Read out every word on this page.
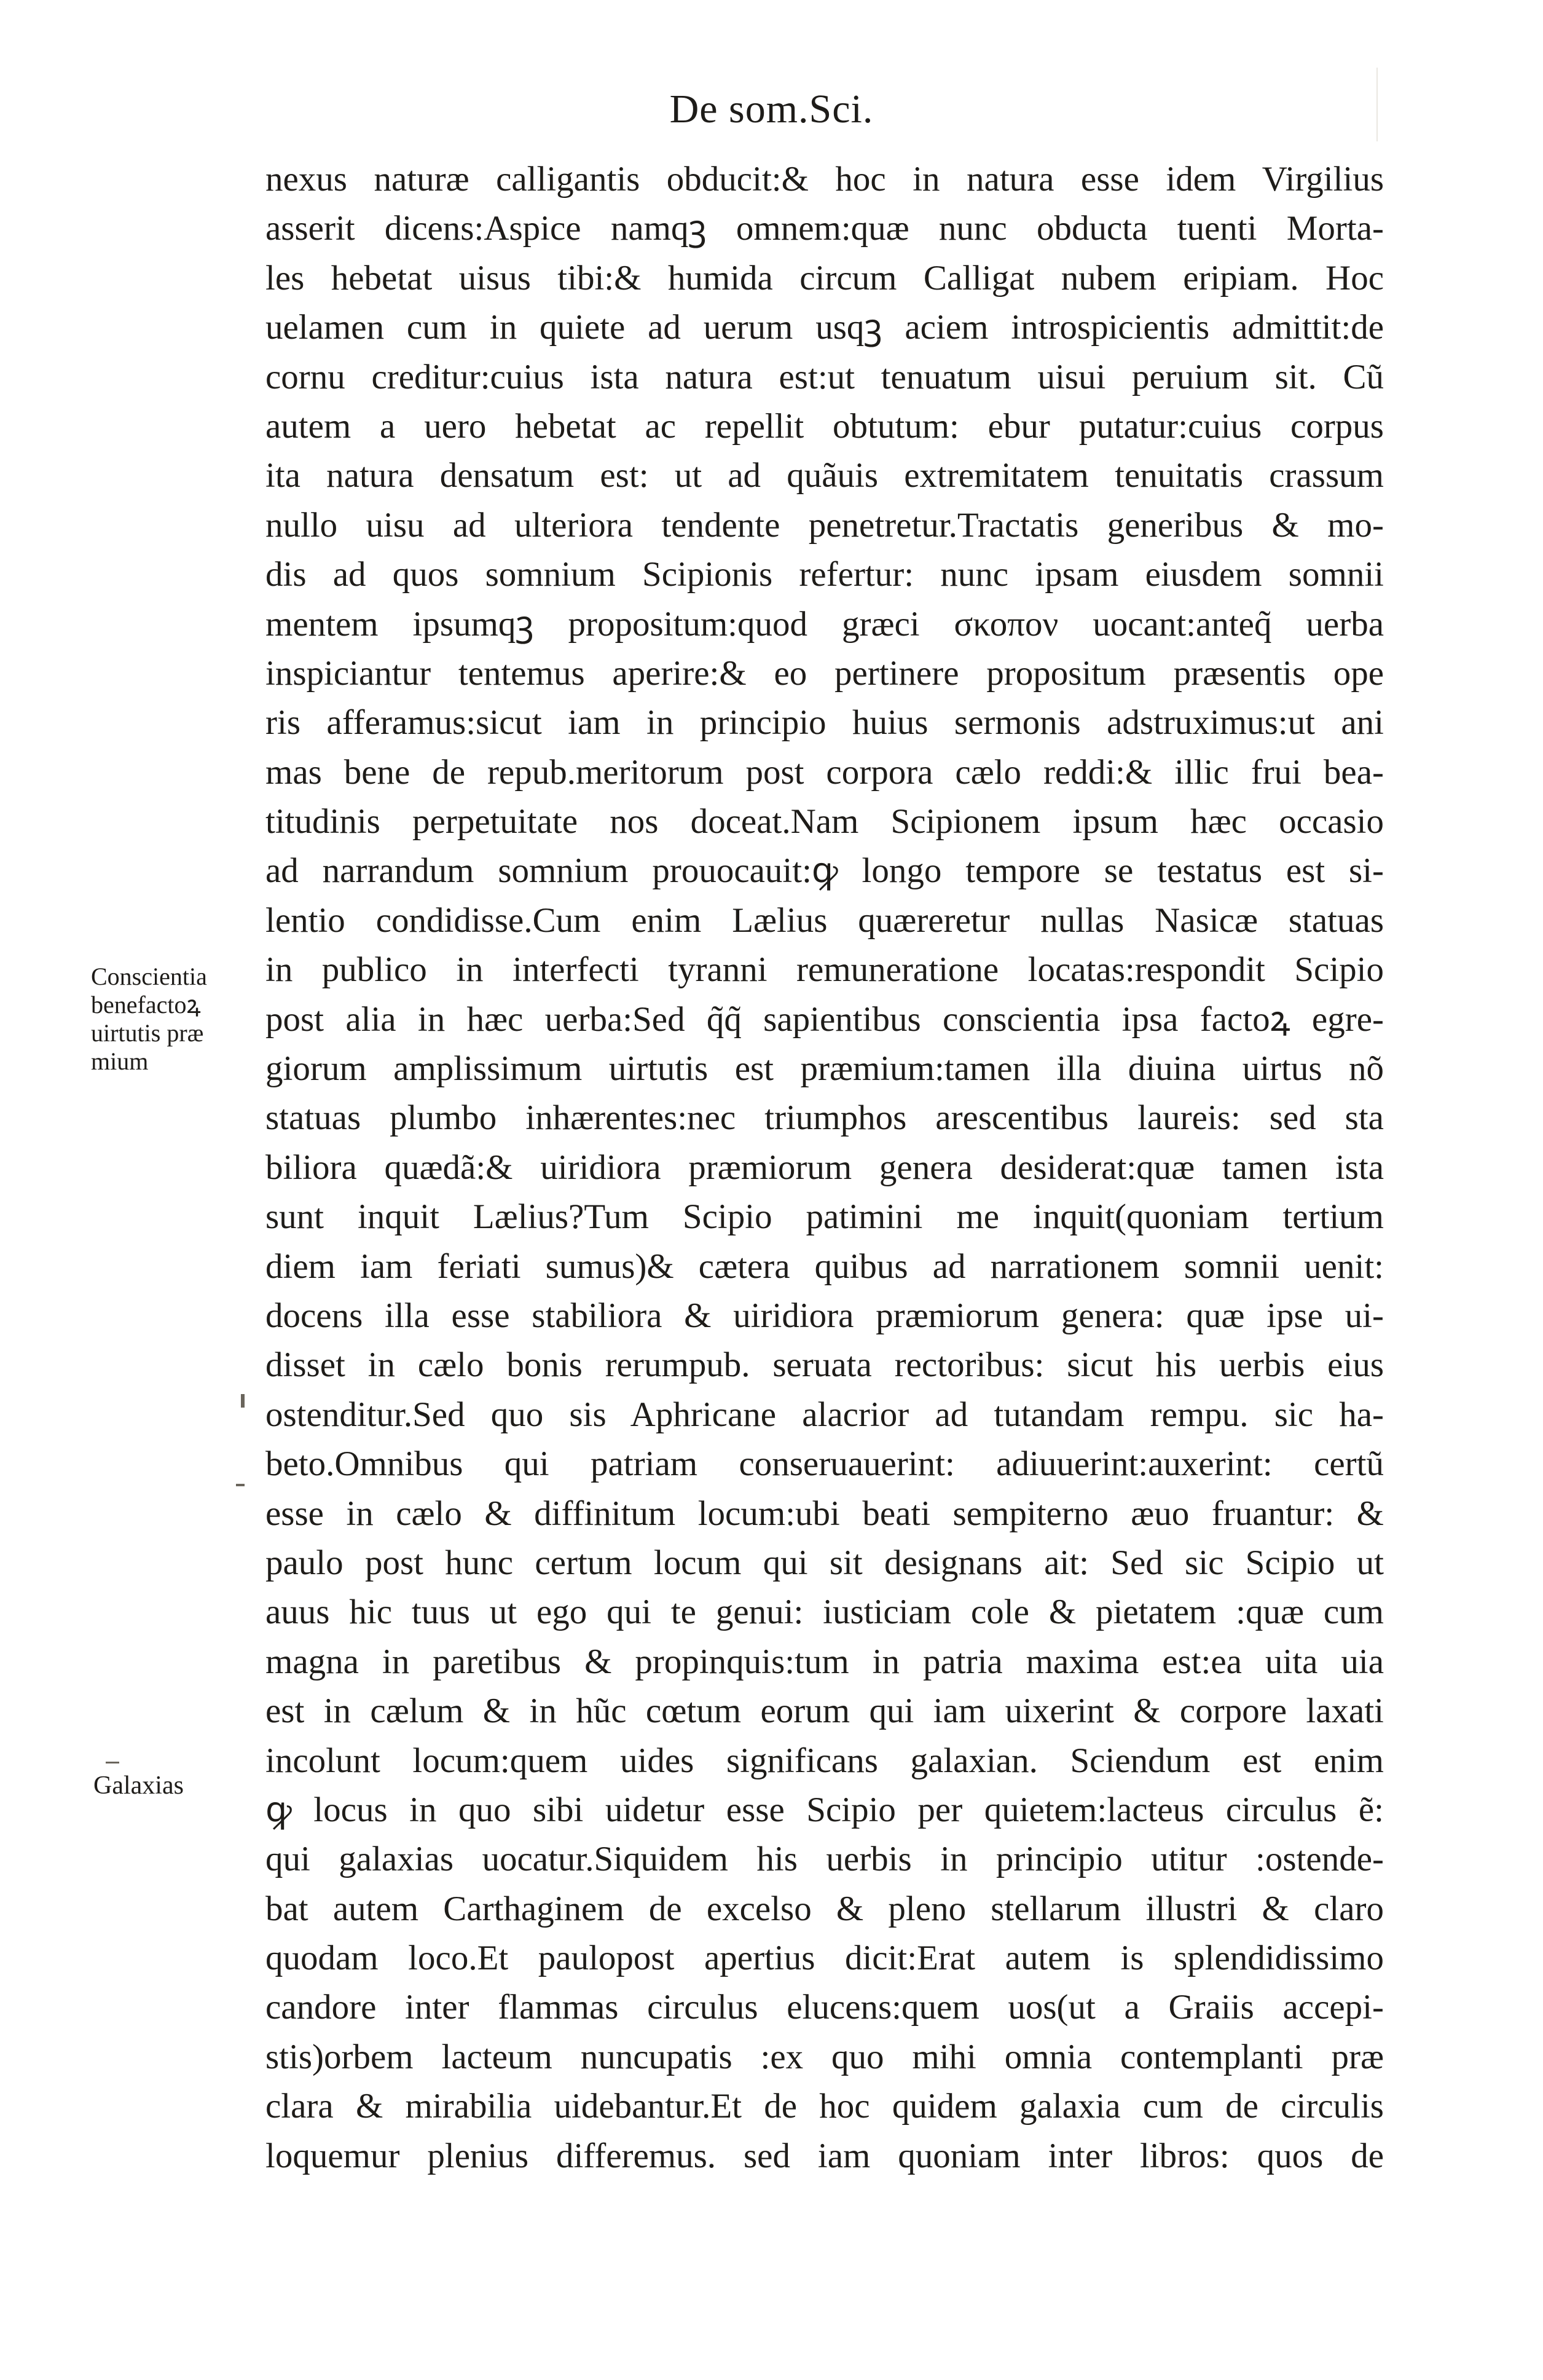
De som.Sci.
Conscientia
benefactoꝝ
uirtutis præ
mium
Galaxias
nexus naturæ calligantis obducit:& hoc in natura esse idem Virgilius
asserit dicens:Aspice namqꝫ omnem:quæ nunc obducta tuenti Morta-
les hebetat uisus tibi:& humida circum Calligat nubem eripiam. Hoc
uelamen cum in quiete ad uerum usqꝫ aciem introspicientis admittit:de
cornu creditur:cuius ista natura est:ut tenuatum uisui peruium sit. Cũ
autem a uero hebetat ac repellit obtutum: ebur putatur:cuius corpus
ita natura densatum est: ut ad quãuis extremitatem tenuitatis crassum
nullo uisu ad ulteriora tendente penetretur.Tractatis generibus & mo-
dis ad quos somnium Scipionis refertur: nunc ipsam eiusdem somnii
mentem ipsumqꝫ propositum:quod græci σκοπον uocant:anteq̃ uerba
inspiciantur tentemus aperire:& eo pertinere propositum præsentis ope
ris afferamus:sicut iam in principio huius sermonis adstruximus:ut ani
mas bene de repub.meritorum post corpora cælo reddi:& illic frui bea-
titudinis perpetuitate nos doceat.Nam Scipionem ipsum hæc occasio
ad narrandum somnium prouocauit:ꝙ longo tempore se testatus est si-
lentio condidisse.Cum enim Lælius quæreretur nullas Nasicæ statuas
in publico in interfecti tyranni remuneratione locatas:respondit Scipio
post alia in hæc uerba:Sed q̃q̃ sapientibus conscientia ipsa factoꝝ egre-
giorum amplissimum uirtutis est præmium:tamen illa diuina uirtus nõ
statuas plumbo inhærentes:nec triumphos arescentibus laureis: sed sta
biliora quædã:& uiridiora præmiorum genera desiderat:quæ tamen ista
sunt inquit Lælius?Tum Scipio patimini me inquit(quoniam tertium
diem iam feriati sumus)& cætera quibus ad narrationem somnii uenit:
docens illa esse stabiliora & uiridiora præmiorum genera: quæ ipse ui-
disset in cælo bonis rerumpub. seruata rectoribus: sicut his uerbis eius
ostenditur.Sed quo sis Aphricane alacrior ad tutandam rempu. sic ha-
beto.Omnibus qui patriam conseruauerint: adiuuerint:auxerint: certũ
esse in cælo & diffinitum locum:ubi beati sempiterno æuo fruantur: &
paulo post hunc certum locum qui sit designans ait: Sed sic Scipio ut
auus hic tuus ut ego qui te genui: iusticiam cole & pietatem :quæ cum
magna in paretibus & propinquis:tum in patria maxima est:ea uita uia
est in cælum & in hũc cœtum eorum qui iam uixerint & corpore laxati
incolunt locum:quem uides significans galaxian. Sciendum est enim
ꝙ locus in quo sibi uidetur esse Scipio per quietem:lacteus circulus ẽ:
qui galaxias uocatur.Siquidem his uerbis in principio utitur :ostende-
bat autem Carthaginem de excelso & pleno stellarum illustri & claro
quodam loco.Et paulopost apertius dicit:Erat autem is splendidissimo
candore inter flammas circulus elucens:quem uos(ut a Graiis accepi-
stis)orbem lacteum nuncupatis :ex quo mihi omnia contemplanti præ
clara & mirabilia uidebantur.Et de hoc quidem galaxia cum de circulis
loquemur plenius differemus. sed iam quoniam inter libros: quos de
